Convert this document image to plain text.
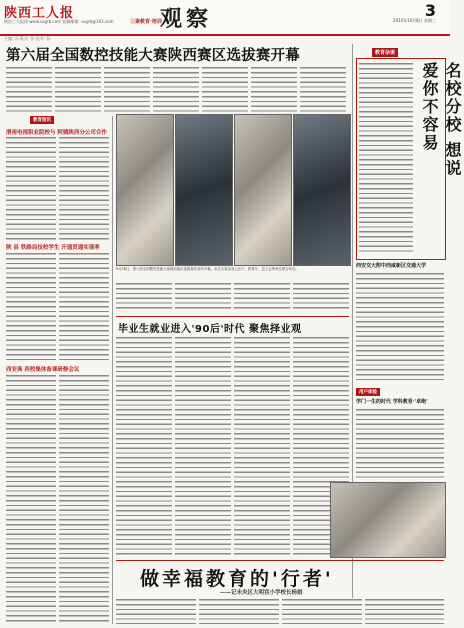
陕西工人报
陕西工人报网 www.sxgrb.com 投稿邮箱: sxgrb@163.com	三秦教育·培训
观察	3
2014年10月8日 星期三
主编: 冯 版式: 张 校对: 孙
第六届全国数控技能大赛陕西赛区选拔赛开幕
教育短讯
渭南电视职业院校与 阿姨陕西分公司合作
陕 县 铁路局技校学生 开通贯通实现率
西安高 西校集体备课研修会议
9月28日，第六届全国数控技能大赛陕西赛区选拔赛在西安开幕。本次大赛由省人社厅、教育厅、总工会等单位联合举办。
毕业生就业进入'90后'时代 聚焦择业观
教育杂谈
名校分校 想说爱你不容易
西安交大附中西咸新区交通大学
用户体验
学门一生的时代 学科教育·'卓绝'
做幸福教育的'行者'
——记未央区大明宫小学校长杨娟
